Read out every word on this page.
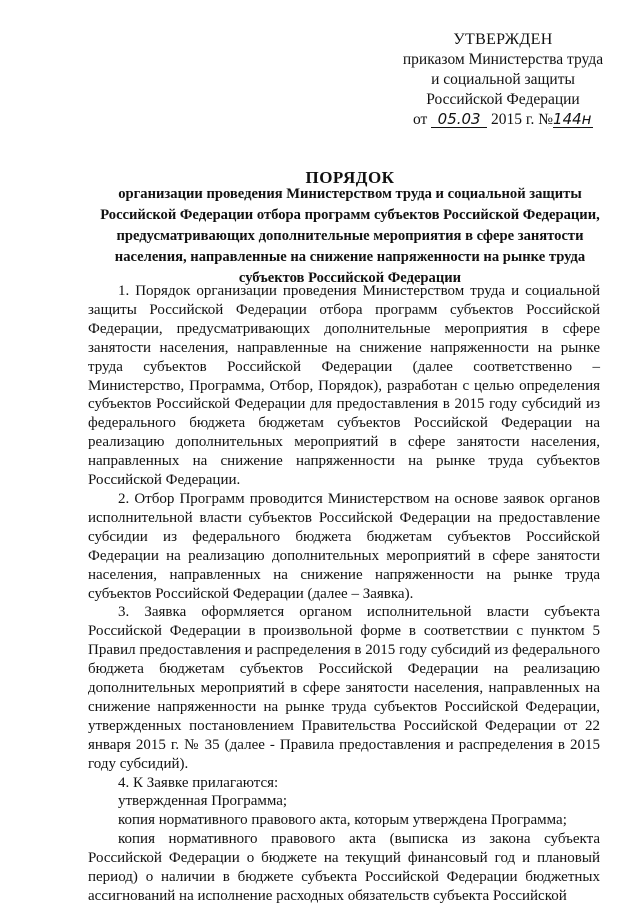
УТВЕРЖДЕН
приказом Министерства труда
и социальной защиты
Российской Федерации
от 05.03 2015 г. №144н
ПОРЯДОК
организации проведения Министерством труда и социальной защиты Российской Федерации отбора программ субъектов Российской Федерации, предусматривающих дополнительные мероприятия в сфере занятости населения, направленные на снижение напряженности на рынке труда субъектов Российской Федерации

1. Порядок организации проведения Министерством труда и социальной защиты Российской Федерации отбора программ субъектов Российской Федерации, предусматривающих дополнительные мероприятия в сфере занятости населения, направленные на снижение напряженности на рынке труда субъектов Российской Федерации (далее соответственно – Министерство, Программа, Отбор, Порядок), разработан с целью определения субъектов Российской Федерации для предоставления в 2015 году субсидий из федерального бюджета бюджетам субъектов Российской Федерации на реализацию дополнительных мероприятий в сфере занятости населения, направленных на снижение напряженности на рынке труда субъектов Российской Федерации.

2. Отбор Программ проводится Министерством на основе заявок органов исполнительной власти субъектов Российской Федерации на предоставление субсидии из федерального бюджета бюджетам субъектов Российской Федерации на реализацию дополнительных мероприятий в сфере занятости населения, направленных на снижение напряженности на рынке труда субъектов Российской Федерации (далее – Заявка).

3. Заявка оформляется органом исполнительной власти субъекта Российской Федерации в произвольной форме в соответствии с пунктом 5 Правил предоставления и распределения в 2015 году субсидий из федерального бюджета бюджетам субъектов Российской Федерации на реализацию дополнительных мероприятий в сфере занятости населения, направленных на снижение напряженности на рынке труда субъектов Российской Федерации, утвержденных постановлением Правительства Российской Федерации от 22 января 2015 г. № 35 (далее - Правила предоставления и распределения в 2015 году субсидий).

4. К Заявке прилагаются:

утвержденная Программа;

копия нормативного правового акта, которым утверждена Программа;

копия нормативного правового акта (выписка из закона субъекта Российской Федерации о бюджете на текущий финансовый год и плановый период) о наличии в бюджете субъекта Российской Федерации бюджетных ассигнований на исполнение расходных обязательств субъекта Российской
